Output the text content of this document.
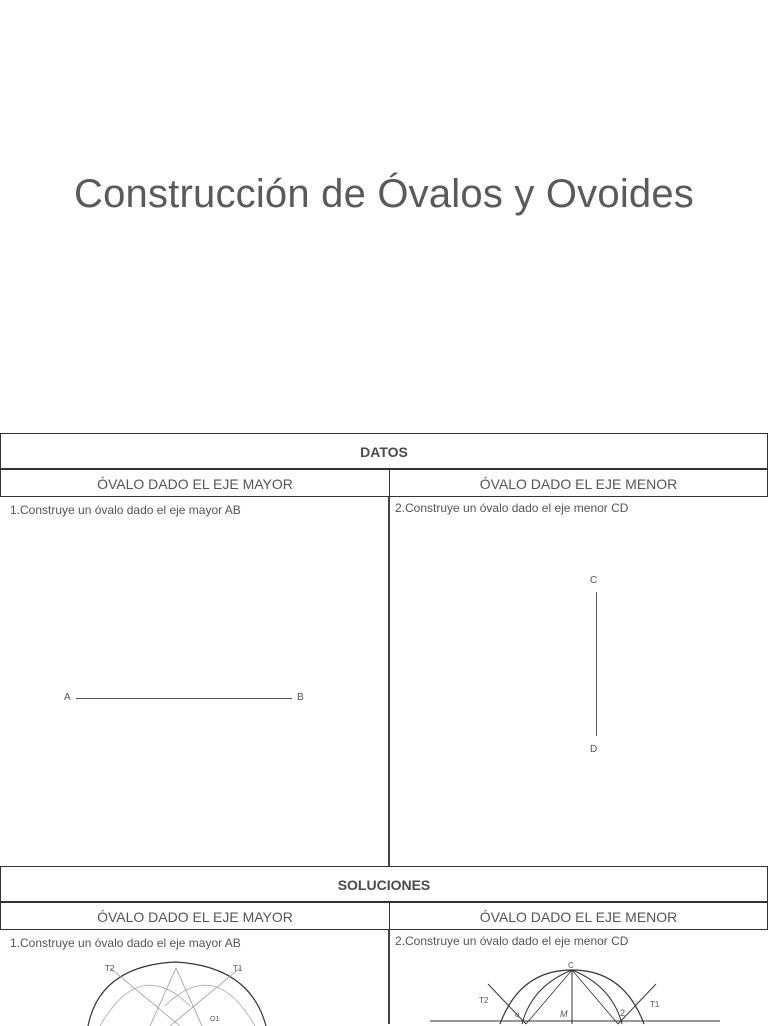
Construcción de Óvalos y Ovoides
DATOS
ÓVALO DADO EL EJE MAYOR	ÓVALO DADO EL EJE MENOR
1.Construye un óvalo dado el eje mayor AB	2.Construye un óvalo dado el eje menor CD
A	B
C
D
SOLUCIONES
ÓVALO DADO EL EJE MAYOR	ÓVALO DADO EL EJE MENOR
1.Construye un óvalo dado el eje mayor AB	2.Construye un óvalo dado el eje menor CD
T2	T1
O1
C
T2	T1
M
o	2
